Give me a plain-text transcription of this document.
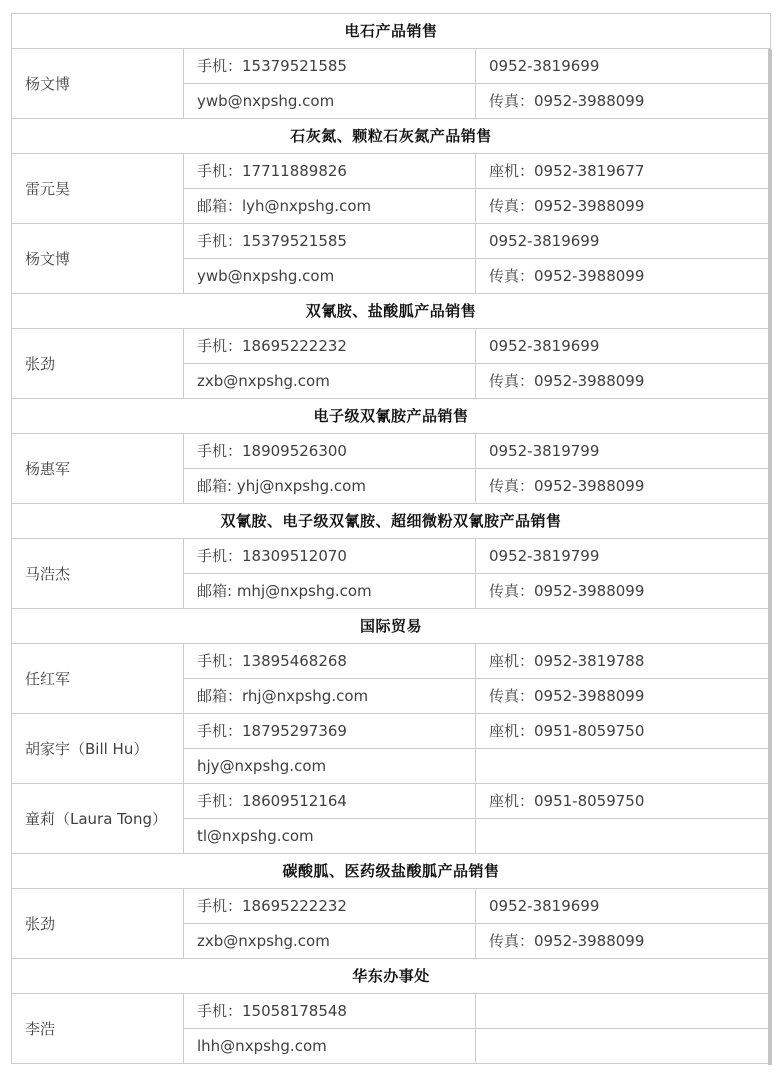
电石产品销售		
杨文博	手机：15379521585	0952-3819699
	ywb@nxpshg.com	传真：0952-3988099
石灰氮、颗粒石灰氮产品销售		
雷元昊	手机：17711889826	座机：0952-3819677
	邮箱：lyh@nxpshg.com	传真：0952-3988099
杨文博	手机：15379521585	0952-3819699
	ywb@nxpshg.com	传真：0952-3988099
双氰胺、盐酸胍产品销售		
张劲	手机：18695222232	0952-3819699
	zxb@nxpshg.com	传真：0952-3988099
电子级双氰胺产品销售		
杨惠军	手机：18909526300	0952-3819799
	邮箱: yhj@nxpshg.com	传真：0952-3988099
双氰胺、电子级双氰胺、超细微粉双氰胺产品销售		
马浩杰	手机：18309512070	0952-3819799
	邮箱: mhj@nxpshg.com	传真：0952-3988099
国际贸易		
任红军	手机：13895468268	座机：0952-3819788
	邮箱：rhj@nxpshg.com	传真：0952-3988099
胡家宇（Bill Hu）	手机：18795297369	座机：0951-8059750
	hjy@nxpshg.com	
童莉（Laura Tong）	手机：18609512164	座机：0951-8059750
	tl@nxpshg.com	
碳酸胍、医药级盐酸胍产品销售		
张劲	手机：18695222232	0952-3819699
	zxb@nxpshg.com	传真：0952-3988099
华东办事处		
李浩	手机：15058178548	
	lhh@nxpshg.com	
